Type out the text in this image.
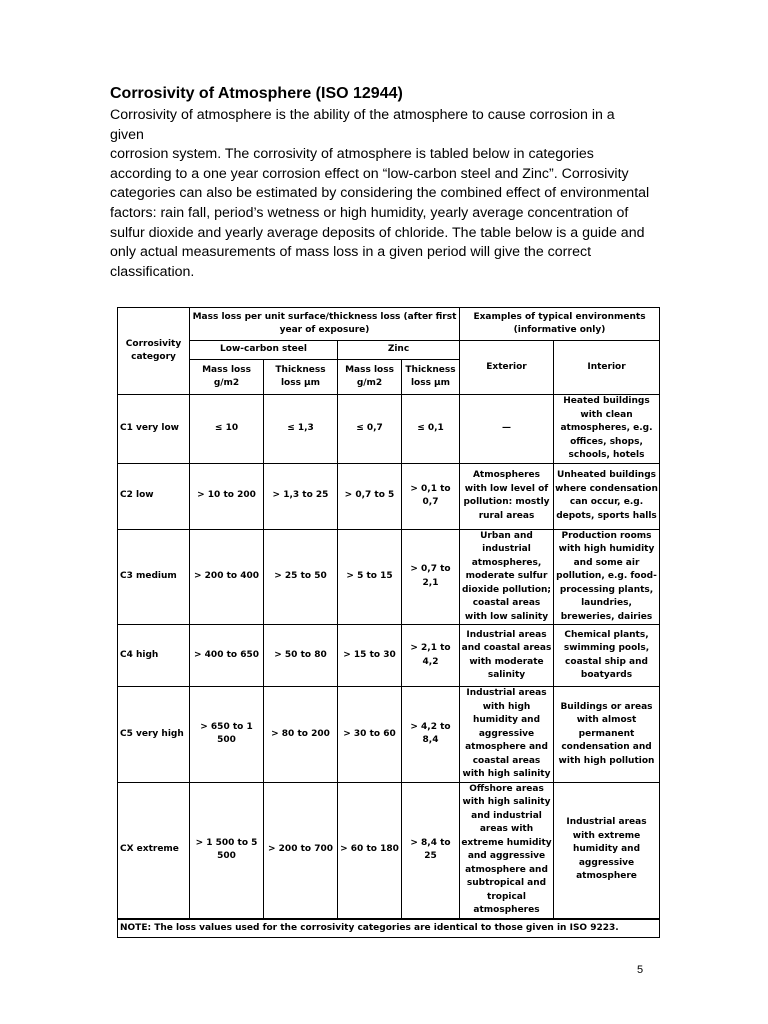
Corrosivity of Atmosphere (ISO 12944)

Corrosivity of atmosphere is the ability of the atmosphere to cause corrosion in a given
corrosion system. The corrosivity of atmosphere is tabled below in categories
according to a one year corrosion effect on “low-carbon steel and Zinc”. Corrosivity
categories can also be estimated by considering the combined effect of environmental
factors: rain fall, period’s wetness or high humidity, yearly average concentration of
sulfur dioxide and yearly average deposits of chloride. The table below is a guide and
only actual measurements of mass loss in a given period will give the correct
classification.

Corrosivity category	Mass loss per unit surface/thickness loss (after first year of exposure)				Examples of typical environments (informative only)	
	Low-carbon steel		Zinc		Exterior	Interior
	Mass loss g/m2	Thickness loss µm	Mass loss g/m2	Thickness loss µm		
C1 very low	≤ 10	≤ 1,3	≤ 0,7	≤ 0,1	—	Heated buildings with clean atmospheres, e.g. offices, shops, schools, hotels
C2 low	> 10 to 200	> 1,3 to 25	> 0,7 to 5	> 0,1 to 0,7	Atmospheres with low level of pollution: mostly rural areas	Unheated buildings where condensation can occur, e.g. depots, sports halls
C3 medium	> 200 to 400	> 25 to 50	> 5 to 15	> 0,7 to 2,1	Urban and industrial atmospheres, moderate sulfur dioxide pollution; coastal areas with low salinity	Production rooms with high humidity and some air pollution, e.g. food-processing plants, laundries, breweries, dairies
C4 high	> 400 to 650	> 50 to 80	> 15 to 30	> 2,1 to 4,2	Industrial areas and coastal areas with moderate salinity	Chemical plants, swimming pools, coastal ship and boatyards
C5 very high	> 650 to 1 500	> 80 to 200	> 30 to 60	> 4,2 to 8,4	Industrial areas with high humidity and aggressive atmosphere and coastal areas with high salinity	Buildings or areas with almost permanent condensation and with high pollution
CX extreme	> 1 500 to 5 500	> 200 to 700	> 60 to 180	> 8,4 to 25	Offshore areas with high salinity and industrial areas with extreme humidity and aggressive atmosphere and subtropical and tropical atmospheres	Industrial areas with extreme humidity and aggressive atmosphere
NOTE: The loss values used for the corrosivity categories are identical to those given in ISO 9223.						
5
